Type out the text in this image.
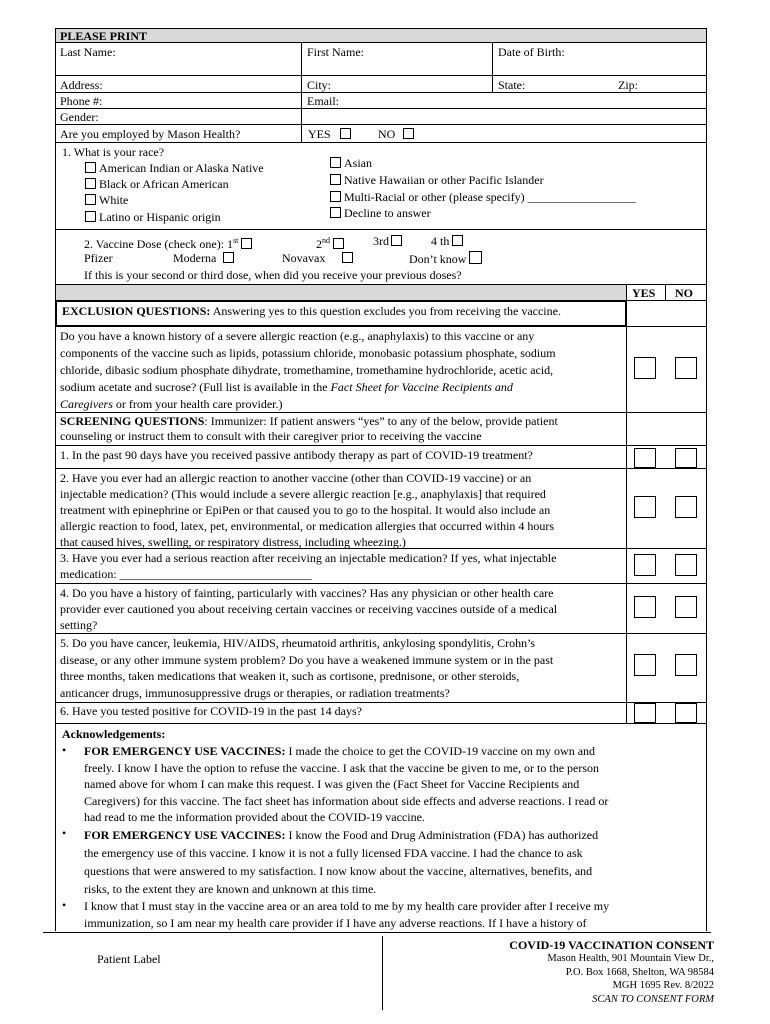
PLEASE PRINT
Last Name:	First Name:	Date of Birth:
Address:	City:	State:	Zip:
Phone #:	Email:
Gender:
Are you employed by Mason Health?	YES	NO
1. What is your race?
American Indian or Alaska Native
Black or African American
White
Latino or Hispanic origin
Asian
Native Hawaiian or other Pacific Islander
Multi-Racial or other (please specify) __________________
Decline to answer
2. Vaccine Dose (check one): 1st	2nd	3rd	4 th
Pfizer	Moderna	Novavax	Don’t know
If this is your second or third dose, when did you receive your previous doses?
YES NO
EXCLUSION QUESTIONS: Answering yes to this question excludes you from receiving the vaccine.
Do you have a known history of a severe allergic reaction (e.g., anaphylaxis) to this vaccine or any
components of the vaccine such as lipids, potassium chloride, monobasic potassium phosphate, sodium
chloride, dibasic sodium phosphate dihydrate, tromethamine, tromethamine hydrochloride, acetic acid,
sodium acetate and sucrose? (Full list is available in the Fact Sheet for Vaccine Recipients and
Caregivers or from your health care provider.)
SCREENING QUESTIONS: Immunizer: If patient answers “yes” to any of the below, provide patient
counseling or instruct them to consult with their caregiver prior to receiving the vaccine
1. In the past 90 days have you received passive antibody therapy as part of COVID-19 treatment?
2. Have you ever had an allergic reaction to another vaccine (other than COVID-19 vaccine) or an
injectable medication? (This would include a severe allergic reaction [e.g., anaphylaxis] that required
treatment with epinephrine or EpiPen or that caused you to go to the hospital. It would also include an
allergic reaction to food, latex, pet, environmental, or medication allergies that occurred within 4 hours
that caused hives, swelling, or respiratory distress, including wheezing.)
3. Have you ever had a serious reaction after receiving an injectable medication? If yes, what injectable
medication: ________________________________
4. Do you have a history of fainting, particularly with vaccines? Has any physician or other health care
provider ever cautioned you about receiving certain vaccines or receiving vaccines outside of a medical
setting?
5. Do you have cancer, leukemia, HIV/AIDS, rheumatoid arthritis, ankylosing spondylitis, Crohn’s
disease, or any other immune system problem? Do you have a weakened immune system or in the past
three months, taken medications that weaken it, such as cortisone, prednisone, or other steroids,
anticancer drugs, immunosuppressive drugs or therapies, or radiation treatments?
6. Have you tested positive for COVID-19 in the past 14 days?
Acknowledgements:
• FOR EMERGENCY USE VACCINES: I made the choice to get the COVID-19 vaccine on my own and
freely. I know I have the option to refuse the vaccine. I ask that the vaccine be given to me, or to the person
named above for whom I can make this request. I was given the (Fact Sheet for Vaccine Recipients and
Caregivers) for this vaccine. The fact sheet has information about side effects and adverse reactions. I read or
had read to me the information provided about the COVID-19 vaccine.
• FOR EMERGENCY USE VACCINES: I know the Food and Drug Administration (FDA) has authorized
the emergency use of this vaccine. I know it is not a fully licensed FDA vaccine. I had the chance to ask
questions that were answered to my satisfaction. I now know about the vaccine, alternatives, benefits, and
risks, to the extent they are known and unknown at this time.
• I know that I must stay in the vaccine area or an area told to me by my health care provider after I receive my
immunization, so I am near my health care provider if I have any adverse reactions. If I have a history of
Patient Label
COVID-19 VACCINATION CONSENT
Mason Health, 901 Mountain View Dr.,
P.O. Box 1668, Shelton, WA 98584
MGH 1695 Rev. 8/2022
SCAN TO CONSENT FORM
